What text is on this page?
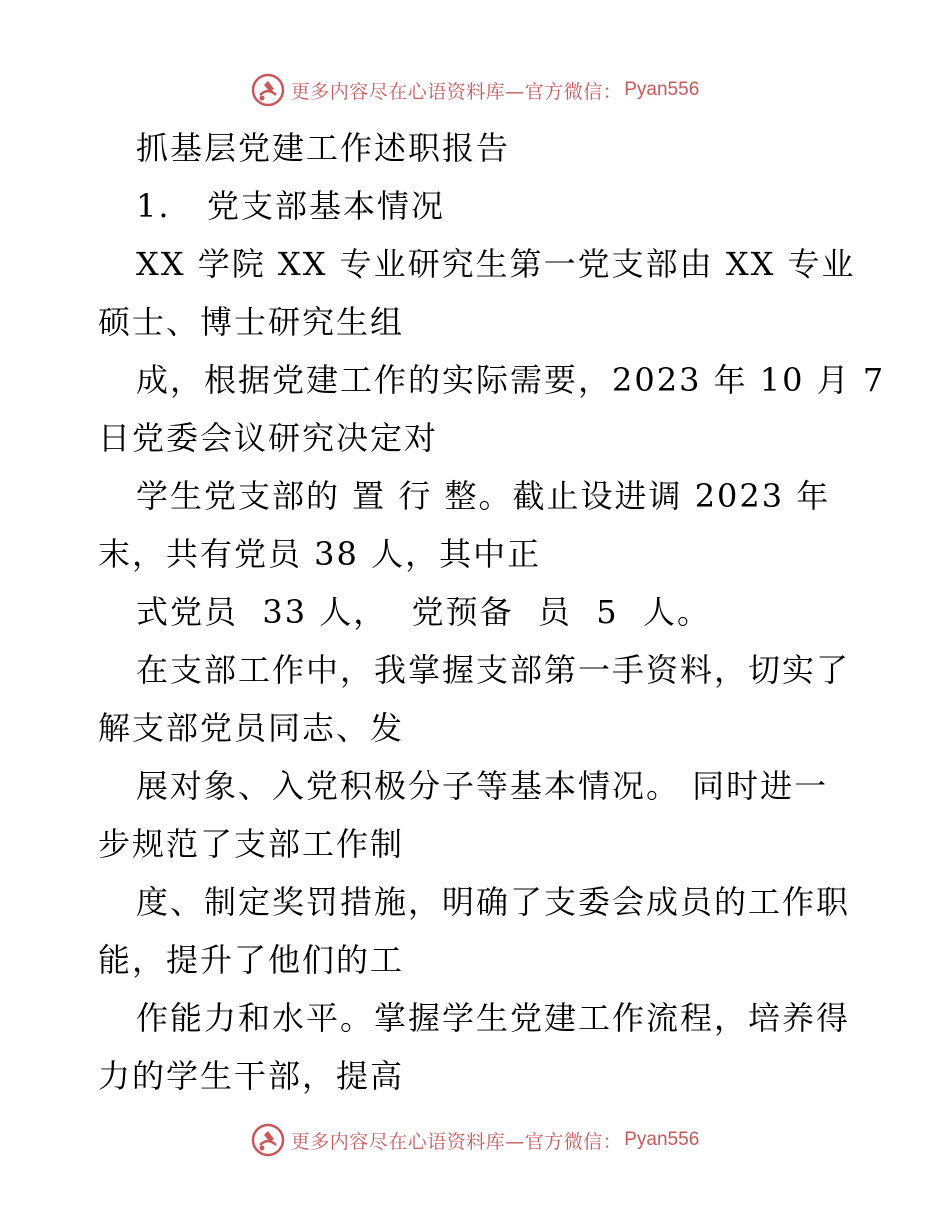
更多内容尽在心语资料库—官方微信： Pyan556
抓基层党建工作述职报告
1.   党支部基本情况
XX 学院 XX 专业研究生第一党支部由 XX 专业
硕士、博士研究生组
成，根据党建工作的实际需要，2023 年 10 月 7
日党委会议研究决定对
学生党支部的 置 行 整。截止设进调 2023 年
末，共有党员 38 人，其中正
式党员  33 人，  党预备  员  5  人。
在支部工作中，我掌握支部第一手资料，切实了
解支部党员同志、发
展对象、入党积极分子等基本情况。 同时进一
步规范了支部工作制
度、制定奖罚措施，明确了支委会成员的工作职
能，提升了他们的工
作能力和水平。掌握学生党建工作流程，培养得
力的学生干部，提高
更多内容尽在心语资料库—官方微信： Pyan556
